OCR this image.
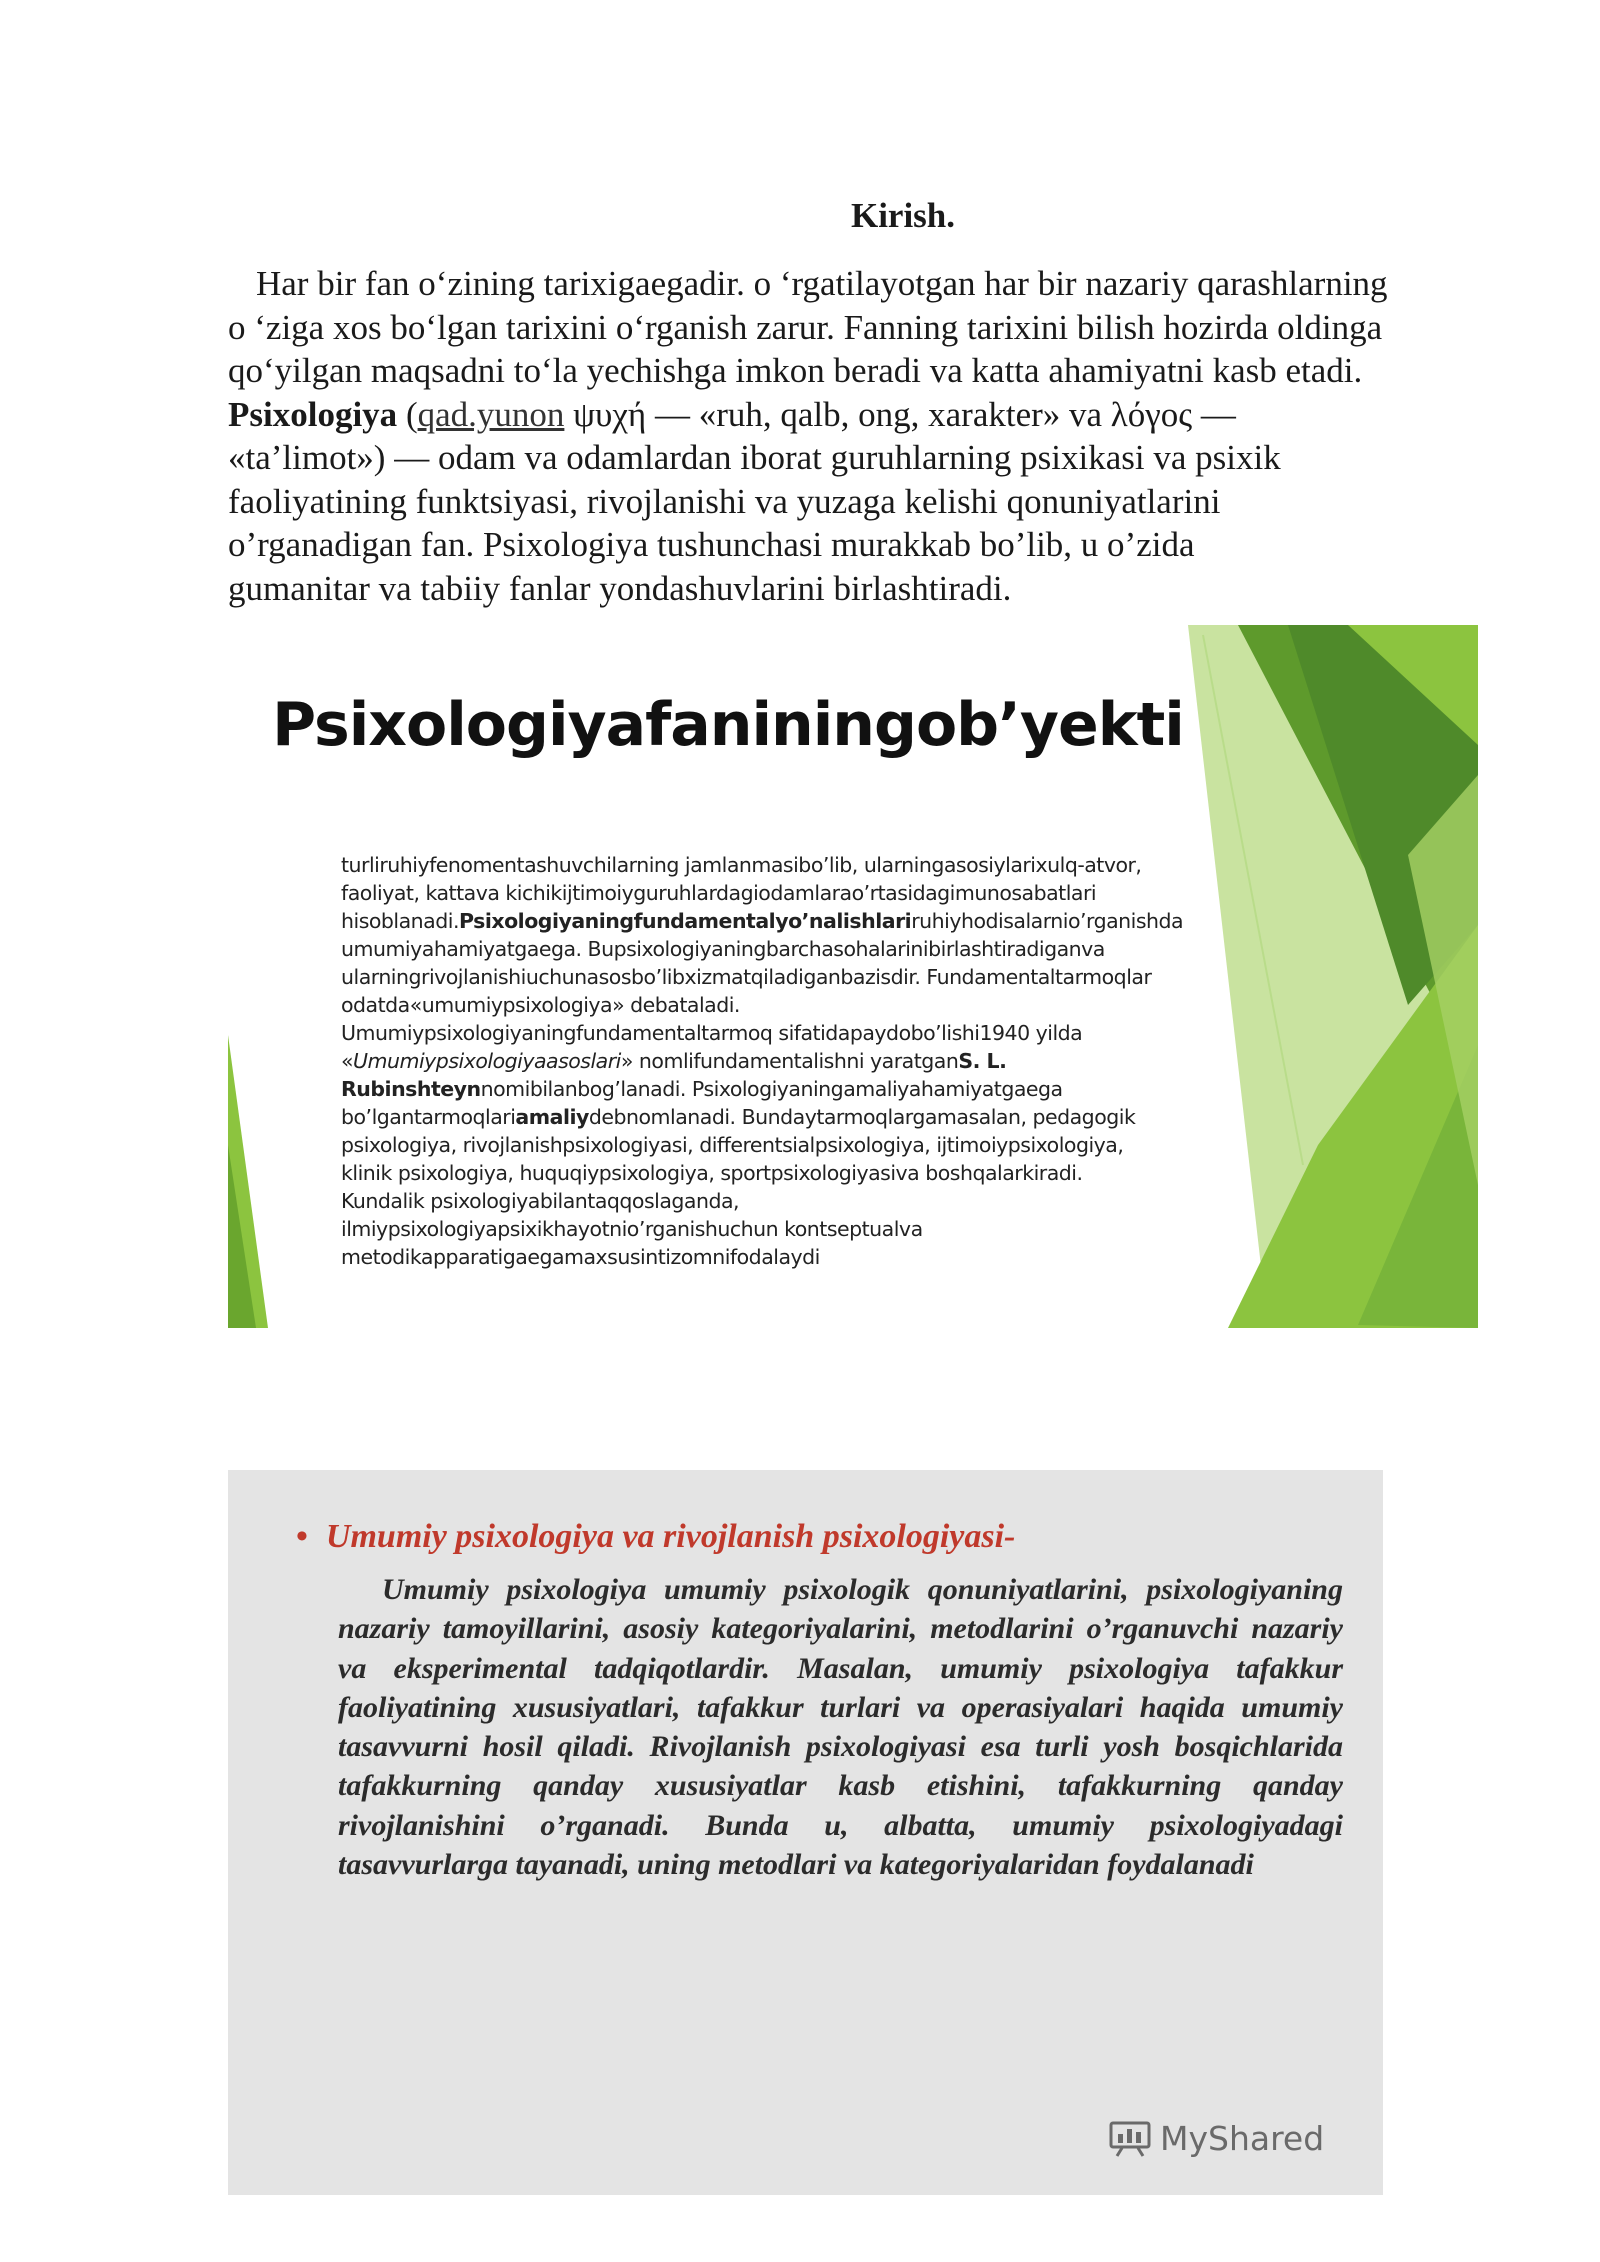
Kirish.

Har bir fan o‘zining tarixigaegadir. o ‘rgatilayotgan har bir nazariy qarashlarning
o ‘ziga xos bo‘lgan tarixini o‘rganish zarur. Fanning tarixini bilish hozirda oldinga
qo‘yilgan maqsadni to‘la yechishga imkon beradi va katta ahamiyatni kasb etadi.
Psixologiya (qad.yunon ψυχή — «ruh, qalb, ong, xarakter» va λόγος —
«ta’limot») — odam va odamlardan iborat guruhlarning psixikasi va psixik
faoliyatining funktsiyasi, rivojlanishi va yuzaga kelishi qonuniyatlarini
o’rganadigan fan. Psixologiya tushunchasi murakkab bo’lib, u o’zida
gumanitar va tabiiy fanlar yondashuvlarini birlashtiradi.

Psixologiyafaniningob’yekti

turliruhiyfenomentashuvchilarning jamlanmasibo’lib, ularningasosiylarixulq-atvor, faoliyat, kattava kichikijtimoiyguruhlardagiodamlarao’rtasidagimunosabatlari hisoblanadi.Psixologiyaningfundamentalyo’nalishlariruhiyhodisalarnio’rganishda umumiyahamiyatgaega. Bupsixologiyaningbarchasohalarinibirlashtiradiganva ularningrivojlanishiuchunasosbo’libxizmatqiladiganbazisdir. Fundamentaltarmoqlar odatda«umumiypsixologiya» debataladi. Umumiypsixologiyaningfundamentaltarmoq sifatidapaydobo’lishi1940 yilda «Umumiypsixologiyaasoslari» nomlifundamentalishni yaratganS. L. Rubinshteynnomibilanbog’lanadi. Psixologiyaningamaliyahamiyatgaega bo’lgantarmoqlariamaliydebnomlanadi. Bundaytarmoqlargamasalan, pedagogik psixologiya, rivojlanishpsixologiyasi, differentsialpsixologiya, ijtimoiypsixologiya, klinik psixologiya, huquqiypsixologiya, sportpsixologiyasiva boshqalarkiradi. Kundalik psixologiyabilantaqqoslaganda, ilmiypsixologiyapsixikhayotnio’rganishuchun kontseptualva metodikapparatigaegamaxsusintizomnifodalaydi

• Umumiy psixologiya va rivojlanish psixologiyasi-

Umumiy psixologiya umumiy psixologik qonuniyatlarini, psixologiyaning nazariy tamoyillarini, asosiy kategoriyalarini, metodlarini o’rganuvchi nazariy va eksperimental tadqiqotlardir. Masalan, umumiy psixologiya tafakkur faoliyatining xususiyatlari, tafakkur turlari va operasiyalari haqida umumiy tasavvurni hosil qiladi. Rivojlanish psixologiyasi esa turli yosh bosqichlarida tafakkurning qanday xususiyatlar kasb etishini, tafakkurning qanday rivojlanishini o’rganadi. Bunda u, albatta, umumiy psixologiyadagi tasavvurlarga tayanadi, uning metodlari va kategoriyalaridan foydalanadi

MyShared
